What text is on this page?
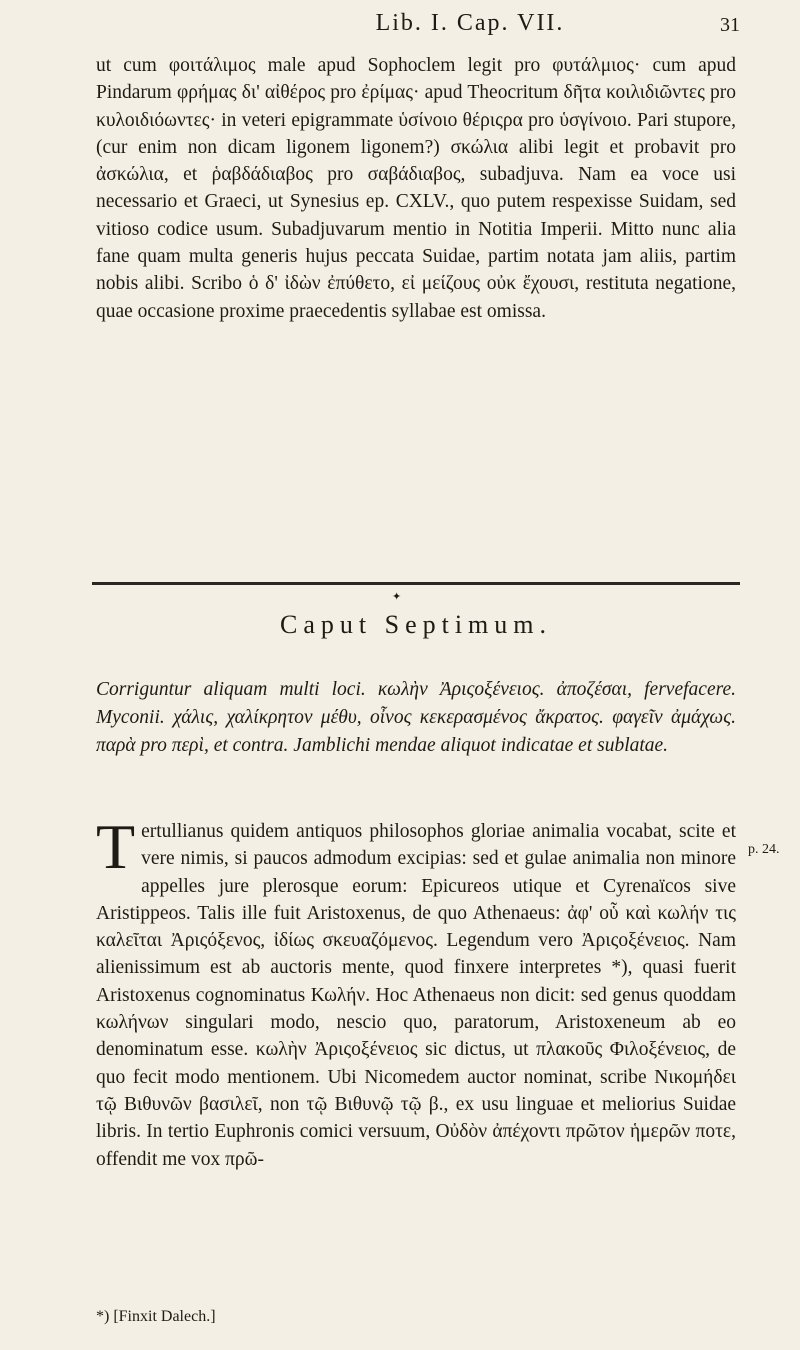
Lib. I. Cap. VII.	31

ut cum φοιτάλιμος male apud Sophoclem legit pro φυτάλμιος· cum apud Pindarum φρήμας δι' αἰθέρος pro ἐρίμας· apud Theocritum δῆτα κοιλιδιῶντες pro κυλοιδιόωντες· in veteri epigrammate ὑσίνοιο θέριςρα pro ὑσγίνοιο. Pari stupore, (cur enim non dicam ligonem ligonem?) σκώλια alibi legit et probavit pro ἀσκώλια, et ῥαβδάδιαβος pro σαβάδιαβος, subadjuva. Nam ea voce usi necessario et Graeci, ut Synesius ep. CXLV., quo putem respexisse Suidam, sed vitioso codice usum. Subadjuvarum mentio in Notitia Imperii. Mitto nunc alia fane quam multa generis hujus peccata Suidae, partim notata jam aliis, partim nobis alibi. Scribo ὁ δ' ἰδὼν ἐπύθετο, εἰ μείζους οὐκ ἔχουσι, restituta negatione, quae occasione proxime praecedentis syllabae est omissa.

✦
Caput Septimum.

Corriguntur aliquam multi loci. κωλὴν Ἀριςοξένειος. ἀποζέσαι, fervefacere. Myconii. χάλις, χαλίκρητον μέθυ, οἶνος κεκερασμένος ἄκρατος. φαγεῖν ἀμάχως. παρὰ pro περὶ, et contra. Jamblichi mendae aliquot indicatae et sublatae.

Tertullianus quidem antiquos philosophos gloriae animalia vocabat, scite et vere nimis, si paucos admodum excipias: sed et gulae animalia non minore appelles jure plerosque eorum: Epicureos utique et Cyrenaïcos sive Aristippeos. Talis ille fuit Aristoxenus, de quo Athenaeus: ἀφ' οὗ καὶ κωλήν τις καλεῖται Ἀριςόξενος, ἰδίως σκευαζόμενος. Legendum vero Ἀριςοξένειος. Nam alienissimum est ab auctoris mente, quod finxere interpretes *), quasi fuerit Aristoxenus cognominatus Κωλήν. Hoc Athenaeus non dicit: sed genus quoddam κωλήνων singulari modo, nescio quo, paratorum, Aristoxeneum ab eo denominatum esse. κωλὴν Ἀριςοξένειος sic dictus, ut πλακοῦς Φιλοξένειος, de quo fecit modo mentionem. Ubi Nicomedem auctor nominat, scribe Νικομήδει τῷ Βιθυνῶν βασιλεῖ, non τῷ Βιθυνῷ τῷ β., ex usu linguae et meliorius Suidae libris. In tertio Euphronis comici versuum, Οὐδὸν ἀπέχοντι πρῶτον ἡμερῶν ποτε, offendit me vox πρῶ-

p. 24.
*) [Finxit Dalech.]
